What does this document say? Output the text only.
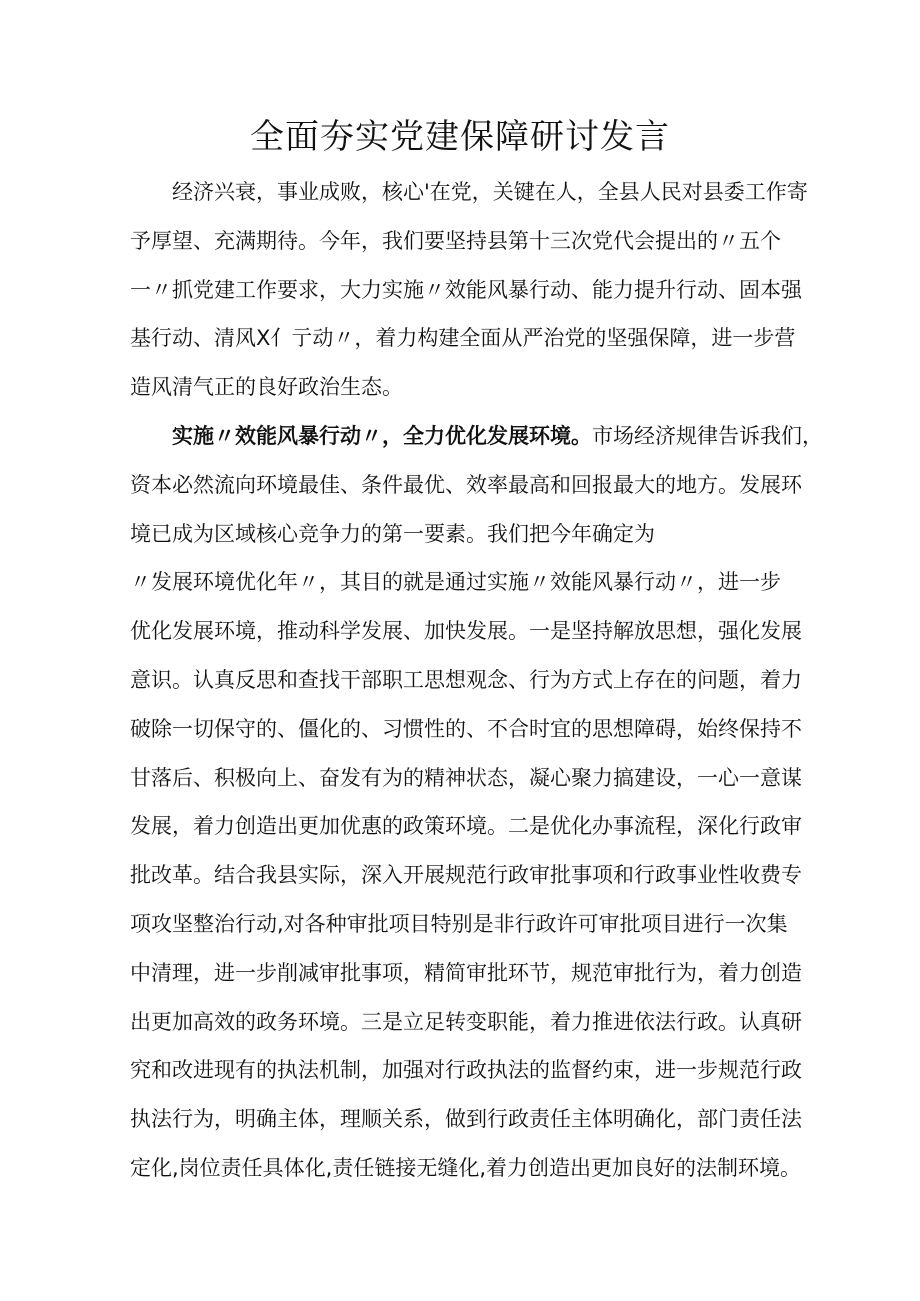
全面夯实党建保障研讨发言
经济兴衰，事业成败，核心'在党，关键在人，全县人民对县委工作寄
予厚望、充满期待。今年，我们要坚持县第十三次党代会提出的〃五个
一〃抓党建工作要求，大力实施〃效能风暴行动、能力提升行动、固本强
基行动、清风X亻亍动〃，着力构建全面从严治党的坚强保障，进一步营
造风清气正的良好政治生态。
实施〃效能风暴行动〃，全力优化发展环境。市场经济规律告诉我们，
资本必然流向环境最佳、条件最优、效率最高和回报最大的地方。发展环
境已成为区域核心竞争力的第一要素。我们把今年确定为
〃发展环境优化年〃，其目的就是通过实施〃效能风暴行动〃，进一步
优化发展环境，推动科学发展、加快发展。一是坚持解放思想，强化发展
意识。认真反思和查找干部职工思想观念、行为方式上存在的问题，着力
破除一切保守的、僵化的、习惯性的、不合时宜的思想障碍，始终保持不
甘落后、积极向上、奋发有为的精神状态，凝心聚力搞建设，一心一意谋
发展，着力创造出更加优惠的政策环境。二是优化办事流程，深化行政审
批改革。结合我县实际，深入开展规范行政审批事项和行政事业性收费专
项攻坚整治行动,对各种审批项目特别是非行政许可审批项目进行一次集
中清理，进一步削减审批事项，精简审批环节，规范审批行为，着力创造
出更加高效的政务环境。三是立足转变职能，着力推进依法行政。认真研
究和改进现有的执法机制，加强对行政执法的监督约束，进一步规范行政
执法行为，明确主体，理顺关系，做到行政责任主体明确化，部门责任法
定化,岗位责任具体化,责任链接无缝化,着力创造出更加良好的法制环境。
